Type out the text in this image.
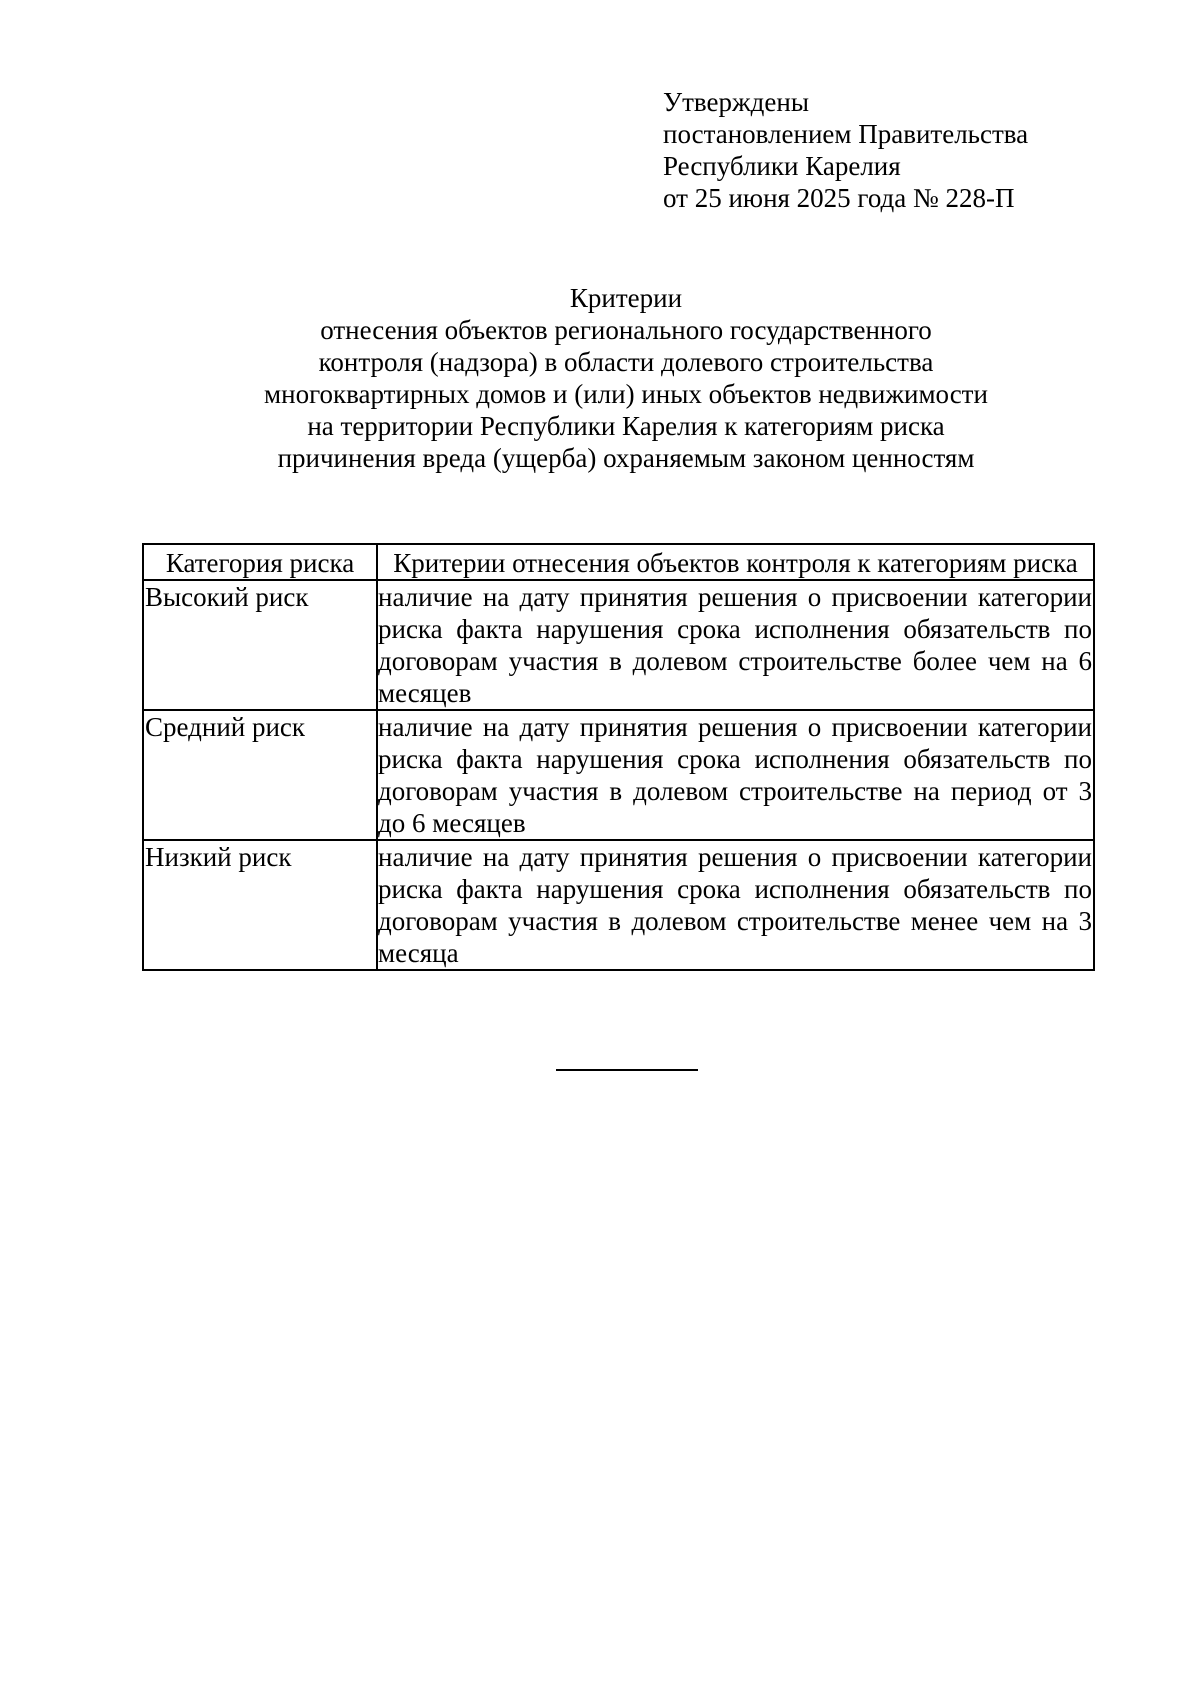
Утверждены
постановлением Правительства
Республики Карелия
от 25 июня 2025 года № 228-П
Критерии
отнесения объектов регионального государственного
контроля (надзора) в области долевого строительства
многоквартирных домов и (или) иных объектов недвижимости
на территории Республики Карелия к категориям риска
причинения вреда (ущерба) охраняемым законом ценностям
Категория риска	Критерии отнесения объектов контроля к категориям риска
Высокий риск	наличие на дату принятия решения о присвоении категории риска факта нарушения срока исполнения обязательств по договорам участия в долевом строительстве более чем на 6 месяцев
Средний риск	наличие на дату принятия решения о присвоении категории риска факта нарушения срока исполнения обязательств по договорам участия в долевом строительстве на период от 3 до 6 месяцев
Низкий риск	наличие на дату принятия решения о присвоении категории риска факта нарушения срока исполнения обязательств по договорам участия в долевом строительстве менее чем на 3 месяца
